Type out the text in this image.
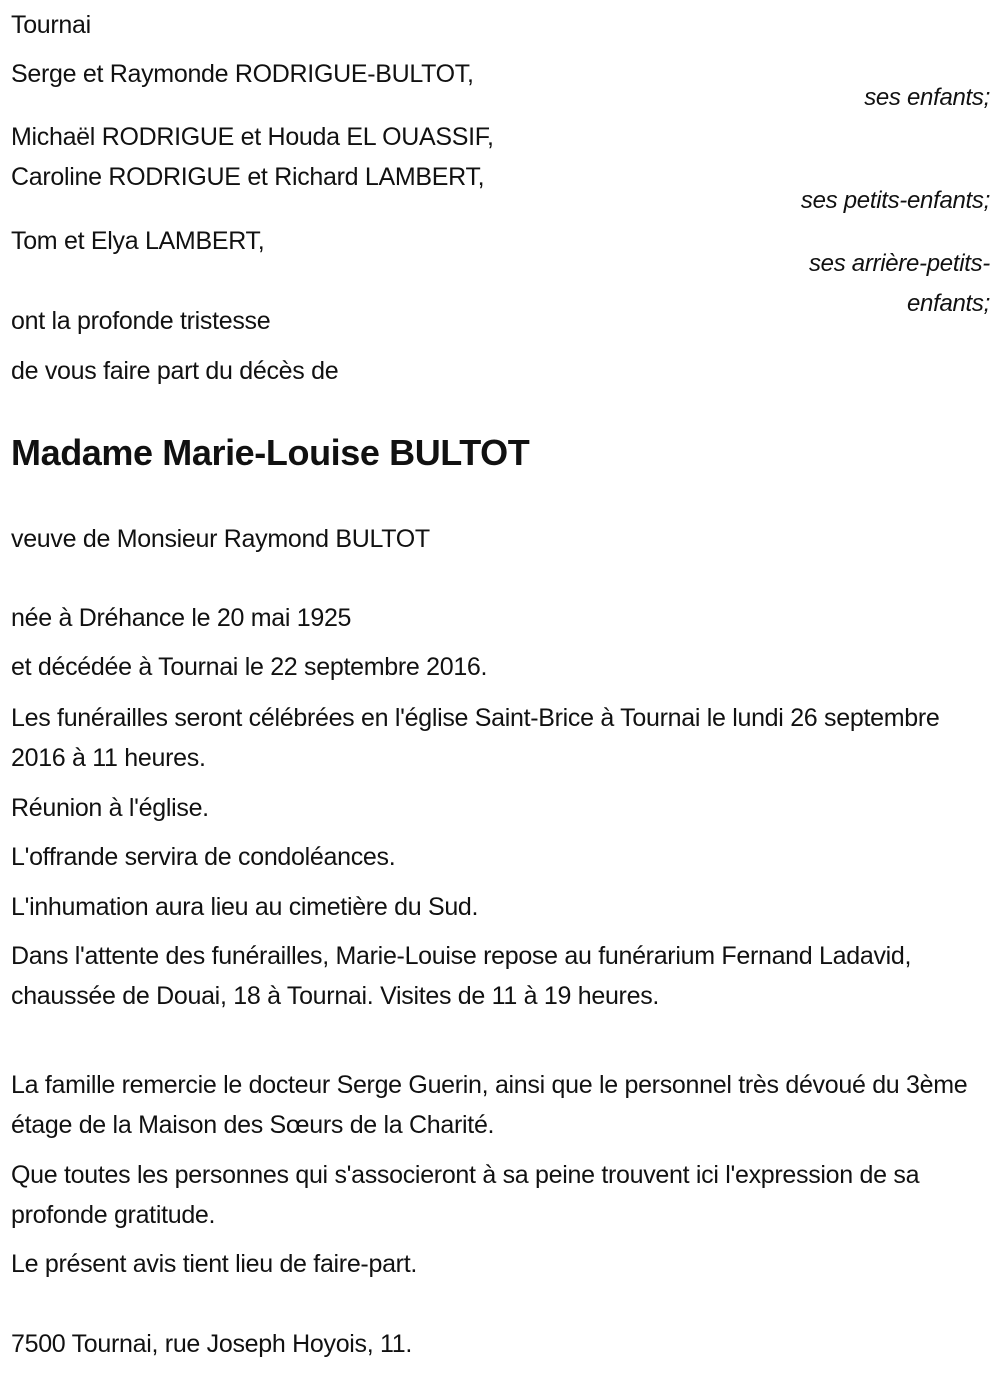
Tournai
Serge et Raymonde RODRIGUE-BULTOT,
ses enfants;
Michaël RODRIGUE et Houda EL OUASSIF,
Caroline RODRIGUE et Richard LAMBERT,
ses petits-enfants;
Tom et Elya LAMBERT,
ses arrière-petits-
enfants;
ont la profonde tristesse
de vous faire part du décès de
Madame Marie-Louise BULTOT
veuve de Monsieur Raymond BULTOT
née à Dréhance le 20 mai 1925
et décédée à Tournai le 22 septembre 2016.
Les funérailles seront célébrées en l'église Saint-Brice à Tournai le lundi 26 septembre 2016 à 11 heures.
Réunion à l'église.
L'offrande servira de condoléances.
L'inhumation aura lieu au cimetière du Sud.
Dans l'attente des funérailles, Marie-Louise repose au funérarium Fernand Ladavid, chaussée de Douai, 18 à Tournai. Visites de 11 à 19 heures.
La famille remercie le docteur Serge Guerin, ainsi que le personnel très dévoué du 3ème étage de la Maison des Sœurs de la Charité.
Que toutes les personnes qui s'associeront à sa peine trouvent ici l'expression de sa profonde gratitude.
Le présent avis tient lieu de faire-part.
7500 Tournai, rue Joseph Hoyois, 11.
